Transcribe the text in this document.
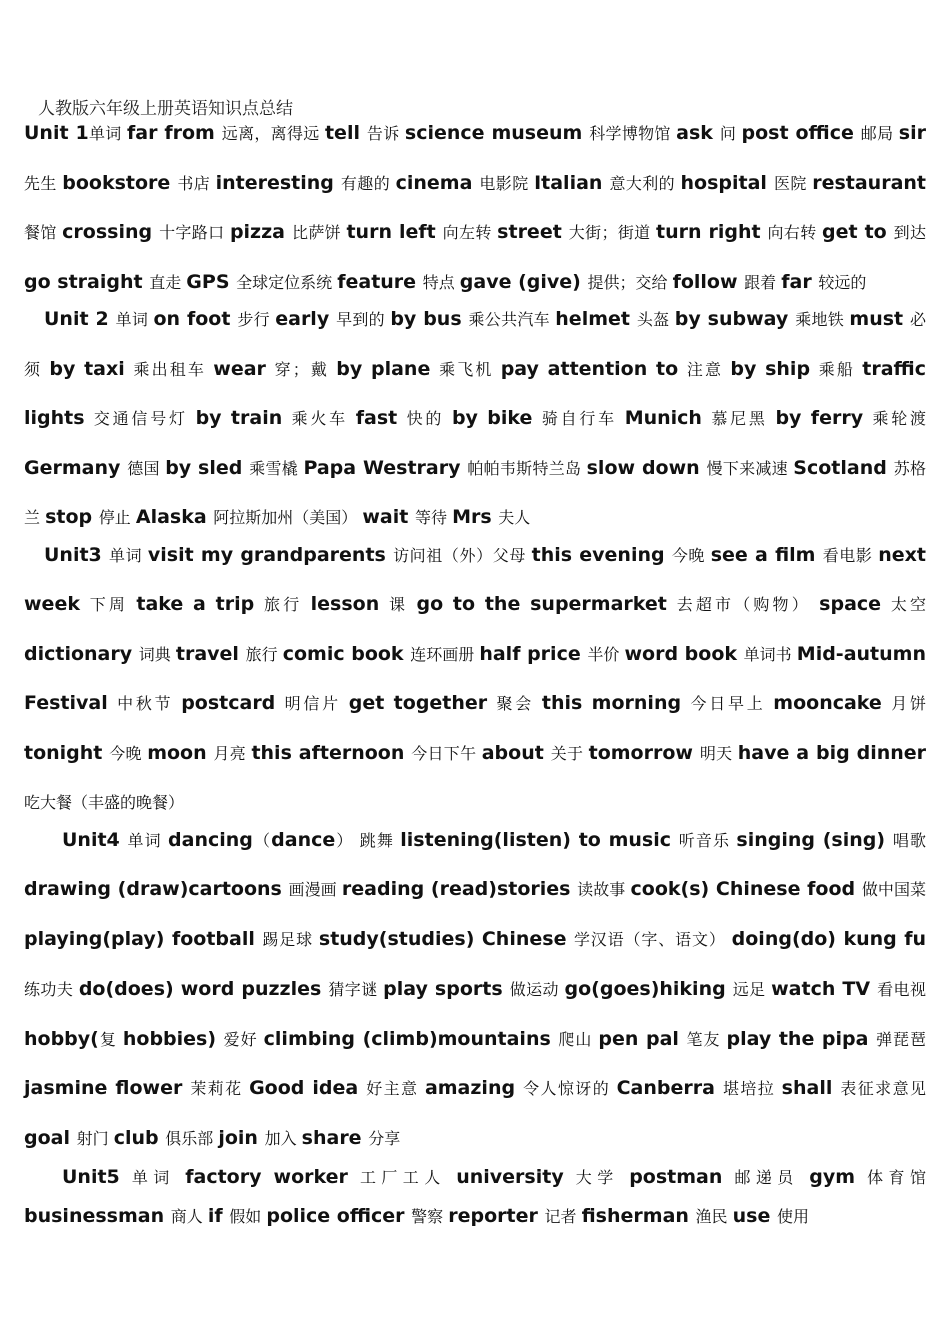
人教版六年级上册英语知识点总结

Unit 1单词 far from 远离，离得远 tell 告诉 science museum 科学博物馆 ask 问 post office 邮局 sir 先生 bookstore 书店 interesting 有趣的 cinema 电影院 Italian 意大利的 hospital 医院 restaurant 餐馆 crossing 十字路口 pizza 比萨饼 turn left 向左转 street 大街；街道 turn right 向右转 get to 到达 go straight 直走 GPS 全球定位系统 feature 特点 gave (give) 提供；交给 follow 跟着 far 较远的

Unit 2 单词 on foot 步行 early 早到的 by bus 乘公共汽车 helmet 头盔 by subway 乘地铁 must 必须 by taxi 乘出租车 wear 穿；戴 by plane 乘飞机 pay attention to 注意 by ship 乘船 traffic lights 交通信号灯 by train 乘火车 fast 快的 by bike 骑自行车 Munich 慕尼黑 by ferry 乘轮渡 Germany 德国 by sled 乘雪橇 Papa Westrary 帕帕韦斯特兰岛 slow down 慢下来减速 Scotland 苏格兰 stop 停止 Alaska 阿拉斯加州（美国） wait 等待 Mrs 夫人

Unit3 单词 visit my grandparents 访问祖（外）父母 this evening 今晚 see a film 看电影 next week 下周 take a trip 旅行 lesson 课 go to the supermarket 去超市（购物） space 太空 dictionary 词典 travel 旅行 comic book 连环画册 half price 半价 word book 单词书 Mid-autumn Festival 中秋节 postcard 明信片 get together 聚会 this morning 今日早上 mooncake 月饼 tonight 今晚 moon 月亮 this afternoon 今日下午 about 关于 tomorrow 明天 have a big dinner 吃大餐（丰盛的晚餐）

Unit4 单词 dancing（dance） 跳舞 listening(listen) to music 听音乐 singing (sing) 唱歌 drawing (draw)cartoons 画漫画 reading (read)stories 读故事 cook(s) Chinese food 做中国菜 playing(play) football 踢足球 study(studies) Chinese 学汉语（字、语文） doing(do) kung fu 练功夫 do(does) word puzzles 猜字谜 play sports 做运动 go(goes)hiking 远足 watch TV 看电视 hobby(复 hobbies) 爱好 climbing (climb)mountains 爬山 pen pal 笔友 play the pipa 弹琵琶 jasmine flower 茉莉花 Good idea 好主意 amazing 令人惊讶的 Canberra 堪培拉 shall 表征求意见 goal 射门 club 俱乐部 join 加入 share 分享

Unit5 单词 factory worker 工厂工人 university 大学 postman 邮递员 gym 体育馆 businessman 商人 if 假如 police officer 警察 reporter 记者 fisherman 渔民 use 使用
